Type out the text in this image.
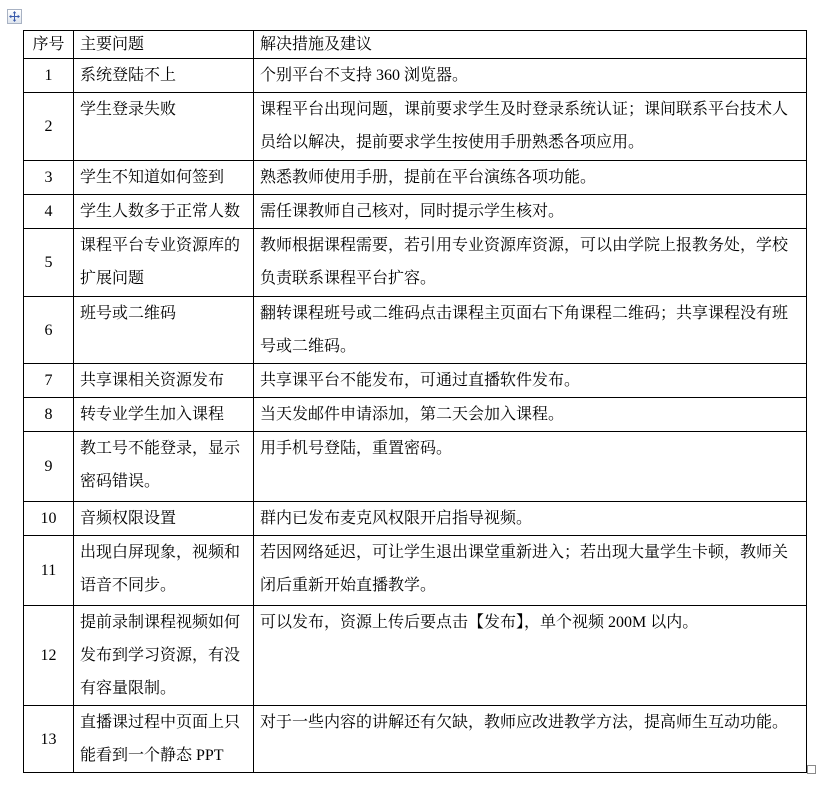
序号	主要问题	解决措施及建议
1	系统登陆不上	个别平台不支持 360 浏览器。
2	学生登录失败	课程平台出现问题，课前要求学生及时登录系统认证；课间联系平台技术人员给以解决，提前要求学生按使用手册熟悉各项应用。
3	学生不知道如何签到	熟悉教师使用手册，提前在平台演练各项功能。
4	学生人数多于正常人数	需任课教师自己核对，同时提示学生核对。
5	课程平台专业资源库的扩展问题	教师根据课程需要，若引用专业资源库资源，可以由学院上报教务处，学校负责联系课程平台扩容。
6	班号或二维码	翻转课程班号或二维码点击课程主页面右下角课程二维码；共享课程没有班号或二维码。
7	共享课相关资源发布	共享课平台不能发布，可通过直播软件发布。
8	转专业学生加入课程	当天发邮件申请添加，第二天会加入课程。
9	教工号不能登录，显示密码错误。	用手机号登陆，重置密码。
10	音频权限设置	群内已发布麦克风权限开启指导视频。
11	出现白屏现象，视频和语音不同步。	若因网络延迟，可让学生退出课堂重新进入；若出现大量学生卡顿，教师关闭后重新开始直播教学。
12	提前录制课程视频如何发布到学习资源，有没有容量限制。	可以发布，资源上传后要点击【发布】，单个视频 200M 以内。
13	直播课过程中页面上只能看到一个静态 PPT	对于一些内容的讲解还有欠缺，教师应改进教学方法，提高师生互动功能。
